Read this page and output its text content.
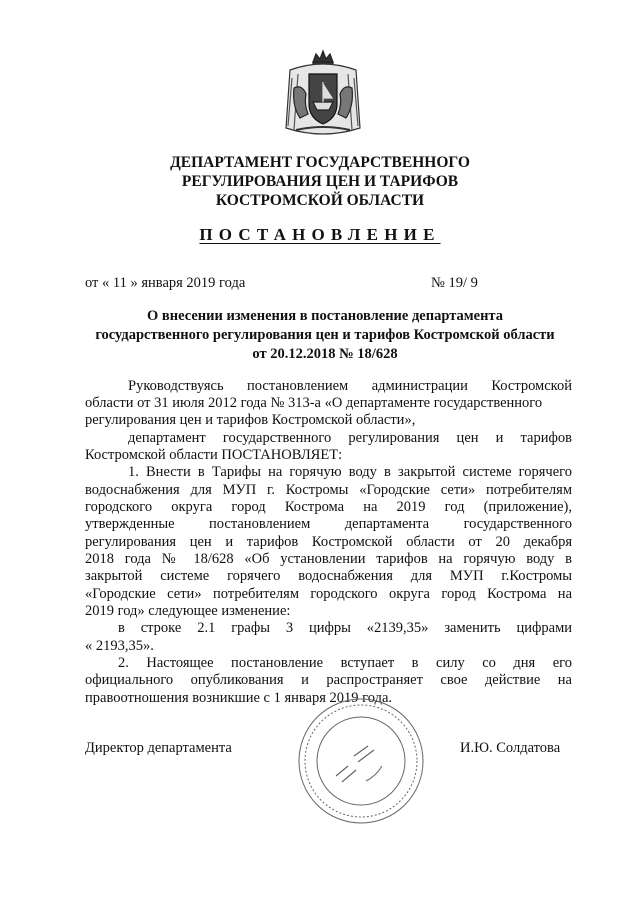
ДЕПАРТАМЕНТ ГОСУДАРСТВЕННОГО
РЕГУЛИРОВАНИЯ ЦЕН И ТАРИФОВ
КОСТРОМСКОЙ ОБЛАСТИ
ПОСТАНОВЛЕНИЕ
от « 11 » января 2019 года	№ 19/ 9
О внесении изменения в постановление департамента
государственного регулирования цен и тарифов Костромской области
от 20.12.2018 № 18/628
Руководствуясь постановлением администрации Костромской
области от 31 июля 2012 года № 313-а «О департаменте государственного
регулирования цен и тарифов Костромской области»,
департамент государственного регулирования цен и тарифов
Костромской области ПОСТАНОВЛЯЕТ:
1. Внести в Тарифы на горячую воду в закрытой системе горячего
водоснабжения для МУП г. Костромы «Городские сети» потребителям
городского округа город Кострома на 2019 год (приложение),
утвержденные постановлением департамента государственного
регулирования цен и тарифов Костромской области от 20 декабря
2018 года № 18/628 «Об установлении тарифов на горячую воду в
закрытой системе горячего водоснабжения для МУП г.Костромы
«Городские сети» потребителям городского округа город Кострома на
2019 год» следующее изменение:
в строке 2.1 графы 3 цифры «2139,35» заменить цифрами
« 2193,35».
2. Настоящее постановление вступает в силу со дня его
официального опубликования и распространяет свое действие на
правоотношения возникшие с 1 января 2019 года.
Директор департамента	И.Ю. Солдатова
